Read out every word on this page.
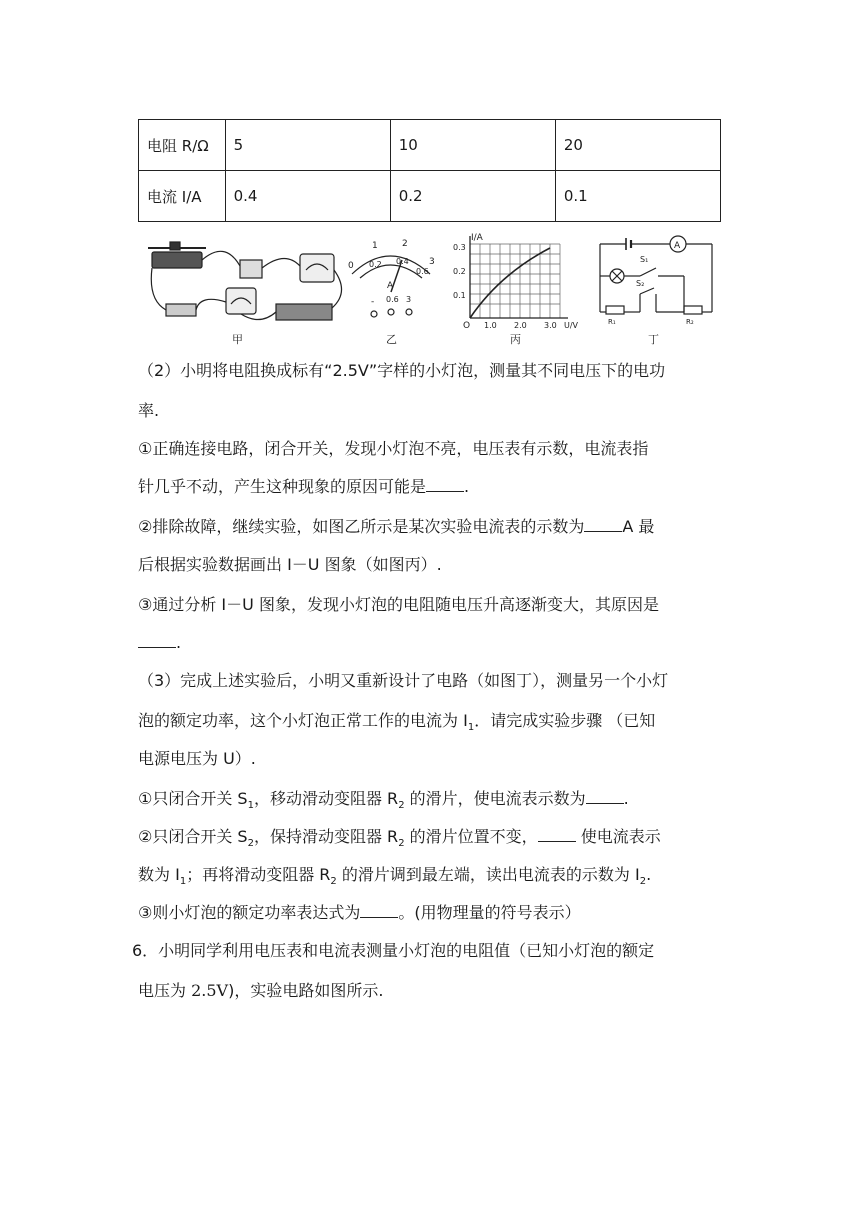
电阻 R/Ω	5	10	20
电流 I/A	0.4	0.2	0.1
甲
0
1	2
3
0.2 0.4
0.6
A
- 0.6 3
乙
I/A
0.3
0.2
0.1
O 1.0 2.0 3.0 U/V
丙
A
S₁
S₂
R₁	R₂
丁

（2）小明将电阻换成标有“2.5V”字样的小灯泡，测量其不同电压下的电功

率.

①正确连接电路，闭合开关，发现小灯泡不亮，电压表有示数，电流表指

针几乎不动，产生这种现象的原因可能是 .

②排除故障，继续实验，如图乙所示是某次实验电流表的示数为 A 最

后根据实验数据画出 I－U 图象（如图丙）.

③通过分析 I－U 图象，发现小灯泡的电阻随电压升高逐渐变大，其原因是

.

（3）完成上述实验后，小明又重新设计了电路（如图丁），测量另一个小灯

泡的额定功率，这个小灯泡正常工作的电流为 $I_1$．请完成实验步骤 （已知

电源电压为 U）.

①只闭合开关 $S_1$，移动滑动变阻器 $R_2$ 的滑片，使电流表示数为 .

②只闭合开关 $S_2$，保持滑动变阻器 $R_2$ 的滑片位置不变， 使电流表示

数为 $I_1$；再将滑动变阻器 $R_2$ 的滑片调到最左端，读出电流表的示数为 $I_2$.

③则小灯泡的额定功率表达式为 。(用物理量的符号表示）

6．小明同学利用电压表和电流表测量小灯泡的电阻值（已知小灯泡的额定

电压为 2.5V)，实验电路如图所示.
